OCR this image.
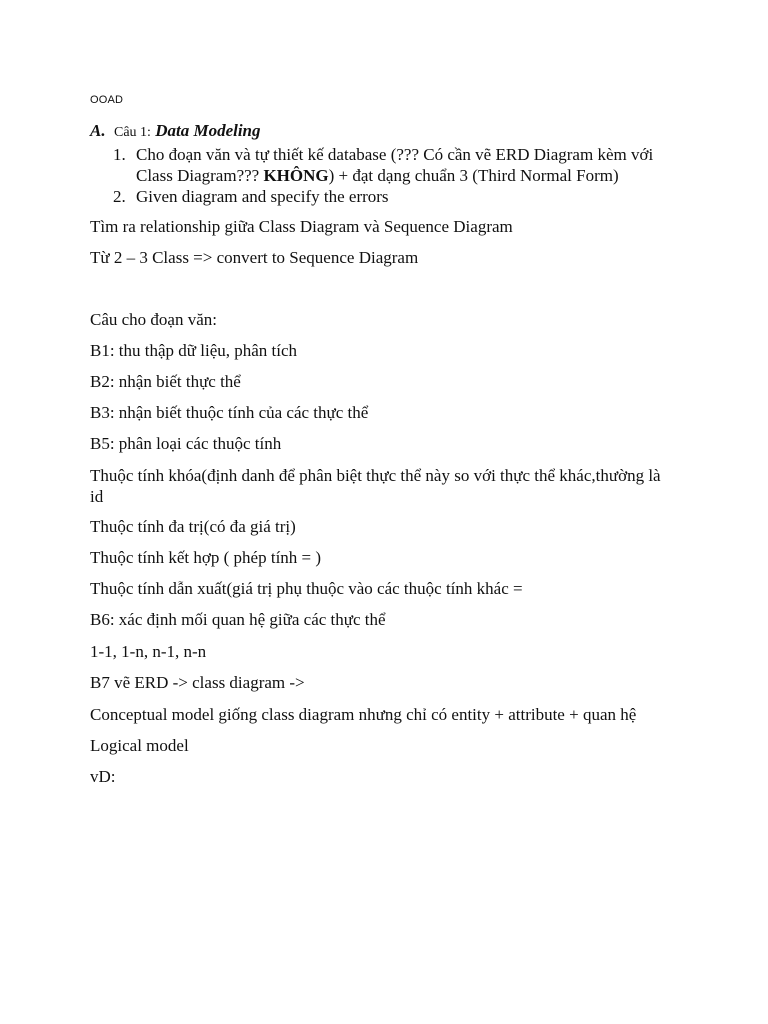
OOAD
A. Câu 1: Data Modeling
1. Cho đoạn văn và tự thiết kế database (??? Có cần vẽ ERD Diagram kèm với Class Diagram??? KHÔNG) + đạt dạng chuẩn 3 (Third Normal Form)
2. Given diagram and specify the errors
Tìm ra relationship giữa Class Diagram và Sequence Diagram
Từ 2 – 3 Class => convert to Sequence Diagram
Câu cho đoạn văn:
B1: thu thập dữ liệu, phân tích
B2: nhận biết thực thể
B3: nhận biết thuộc tính của các thực thể
B5: phân loại các thuộc tính
Thuộc tính khóa(định danh để phân biệt thực thể này so với thực thể khác,thường là id
Thuộc tính đa trị(có đa giá trị)
Thuộc tính kết hợp ( phép tính = )
Thuộc tính dẫn xuất(giá trị phụ thuộc vào các thuộc tính khác =
B6: xác định mối quan hệ giữa các thực thể
1-1, 1-n, n-1, n-n
B7 vẽ ERD -> class diagram ->
Conceptual model giống class diagram nhưng chỉ có entity + attribute + quan hệ
Logical model
vD:
